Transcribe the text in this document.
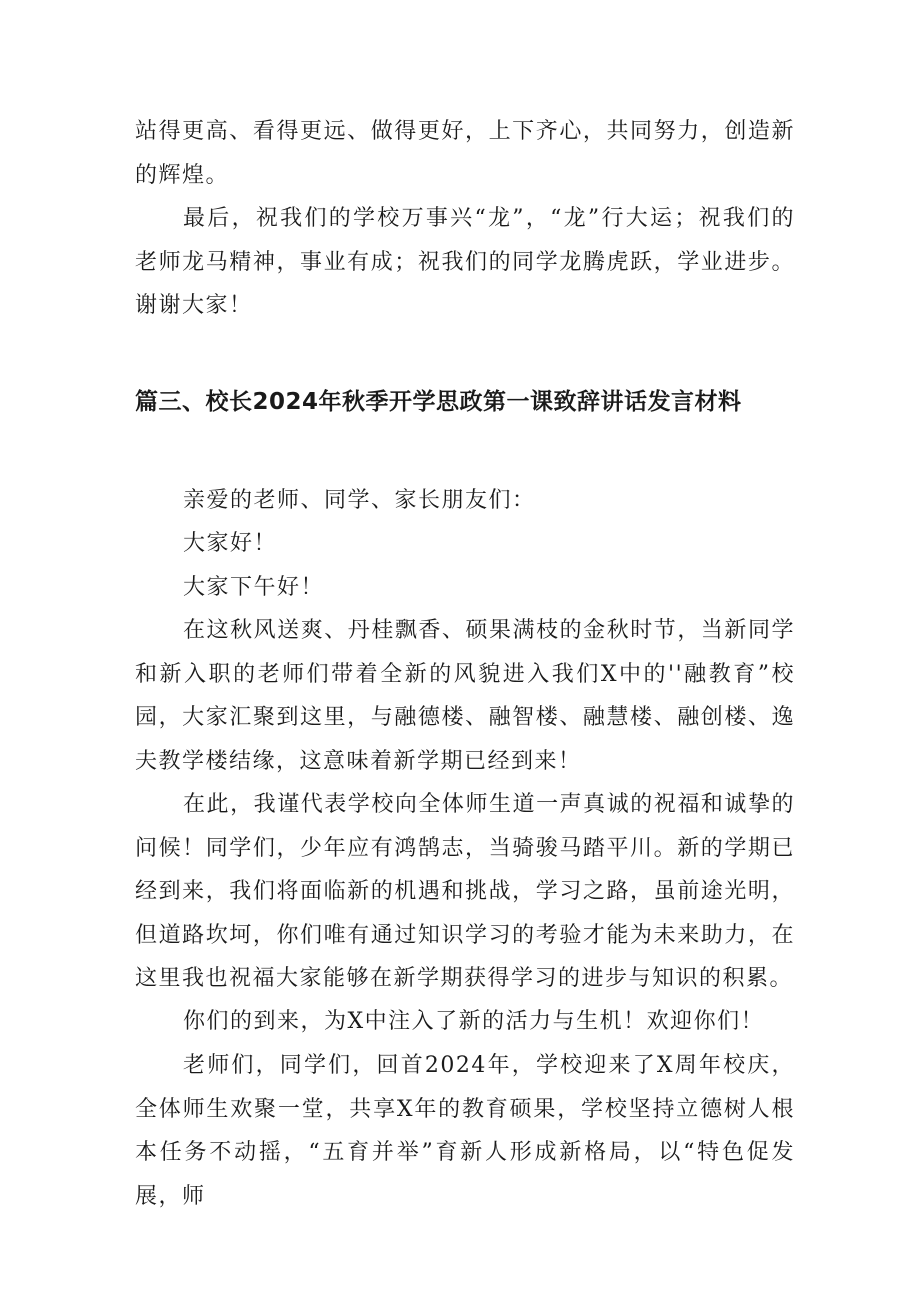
站得更高、看得更远、做得更好，上下齐心，共同努力，创造新的辉煌。

最后，祝我们的学校万事兴“龙”，“龙”行大运；祝我们的老师龙马精神，事业有成；祝我们的同学龙腾虎跃，学业进步。谢谢大家！

篇三、校长2024年秋季开学思政第一课致辞讲话发言材料

亲爱的老师、同学、家长朋友们：

大家好！

大家下午好！

在这秋风送爽、丹桂飘香、硕果满枝的金秋时节，当新同学和新入职的老师们带着全新的风貌进入我们X中的''融教育”校园，大家汇聚到这里，与融德楼、融智楼、融慧楼、融创楼、逸夫教学楼结缘，这意味着新学期已经到来！

在此，我谨代表学校向全体师生道一声真诚的祝福和诚挚的问候！同学们，少年应有鸿鹄志，当骑骏马踏平川。新的学期已经到来，我们将面临新的机遇和挑战，学习之路，虽前途光明，但道路坎坷，你们唯有通过知识学习的考验才能为未来助力，在这里我也祝福大家能够在新学期获得学习的进步与知识的积累。

你们的到来，为X中注入了新的活力与生机！欢迎你们！

老师们，同学们，回首2024年，学校迎来了X周年校庆，全体师生欢聚一堂，共享X年的教育硕果，学校坚持立德树人根本任务不动摇，“五育并举”育新人形成新格局，以“特色促发展，师
